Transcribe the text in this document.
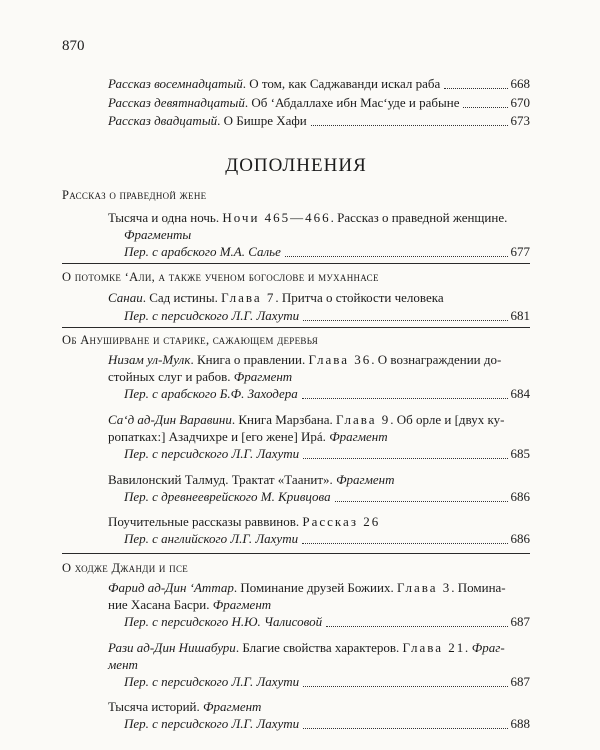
870
Рассказ восемнадцатый. О том, как Саджаванди искал раба	668
Рассказ девятнадцатый. Об ʻАбдаллахе ибн Масʻуде и рабыне	670
Рассказ двадцатый. О Бишре Хафи	673
ДОПОЛНЕНИЯ
Рассказ о праведной жене
Тысяча и одна ночь. Ночи 465—466. Рассказ о праведной женщине.
Фрагменты
Пер. с арабского М.А. Салье	677
О потомке ʻАли, а также ученом богослове и муханнасе
Санаи. Сад истины. Глава 7. Притча о стойкости человека
Пер. с персидского Л.Г. Лахути	681
Об Ануширване и старике, сажающем деревья
Низам ул-Мулк. Книга о правлении. Глава 36. О вознаграждении до-
стойных слуг и рабов. Фрагмент
Пер. с арабского Б.Ф. Заходера	684
Саʻд ад-Дин Варавини. Книга Марзбана. Глава 9. Об орле и [двух ку-
ропатках:] Азадчихре и [его жене] Ирá. Фрагмент
Пер. с персидского Л.Г. Лахути	685
Вавилонский Талмуд. Трактат «Таанит». Фрагмент
Пер. с древнееврейского М. Кривцова	686
Поучительные рассказы раввинов. Рассказ 26
Пер. с английского Л.Г. Лахути	686
О ходже Джанди и псе
Фарид ад-Дин ʻАттар. Поминание друзей Божиих. Глава 3. Помина-
ние Хасана Басри. Фрагмент
Пер. с персидского Н.Ю. Чалисовой	687
Рази ад-Дин Нишабури. Благие свойства характеров. Глава 21. Фраг-
мент
Пер. с персидского Л.Г. Лахути	687
Тысяча историй. Фрагмент
Пер. с персидского Л.Г. Лахути	688
